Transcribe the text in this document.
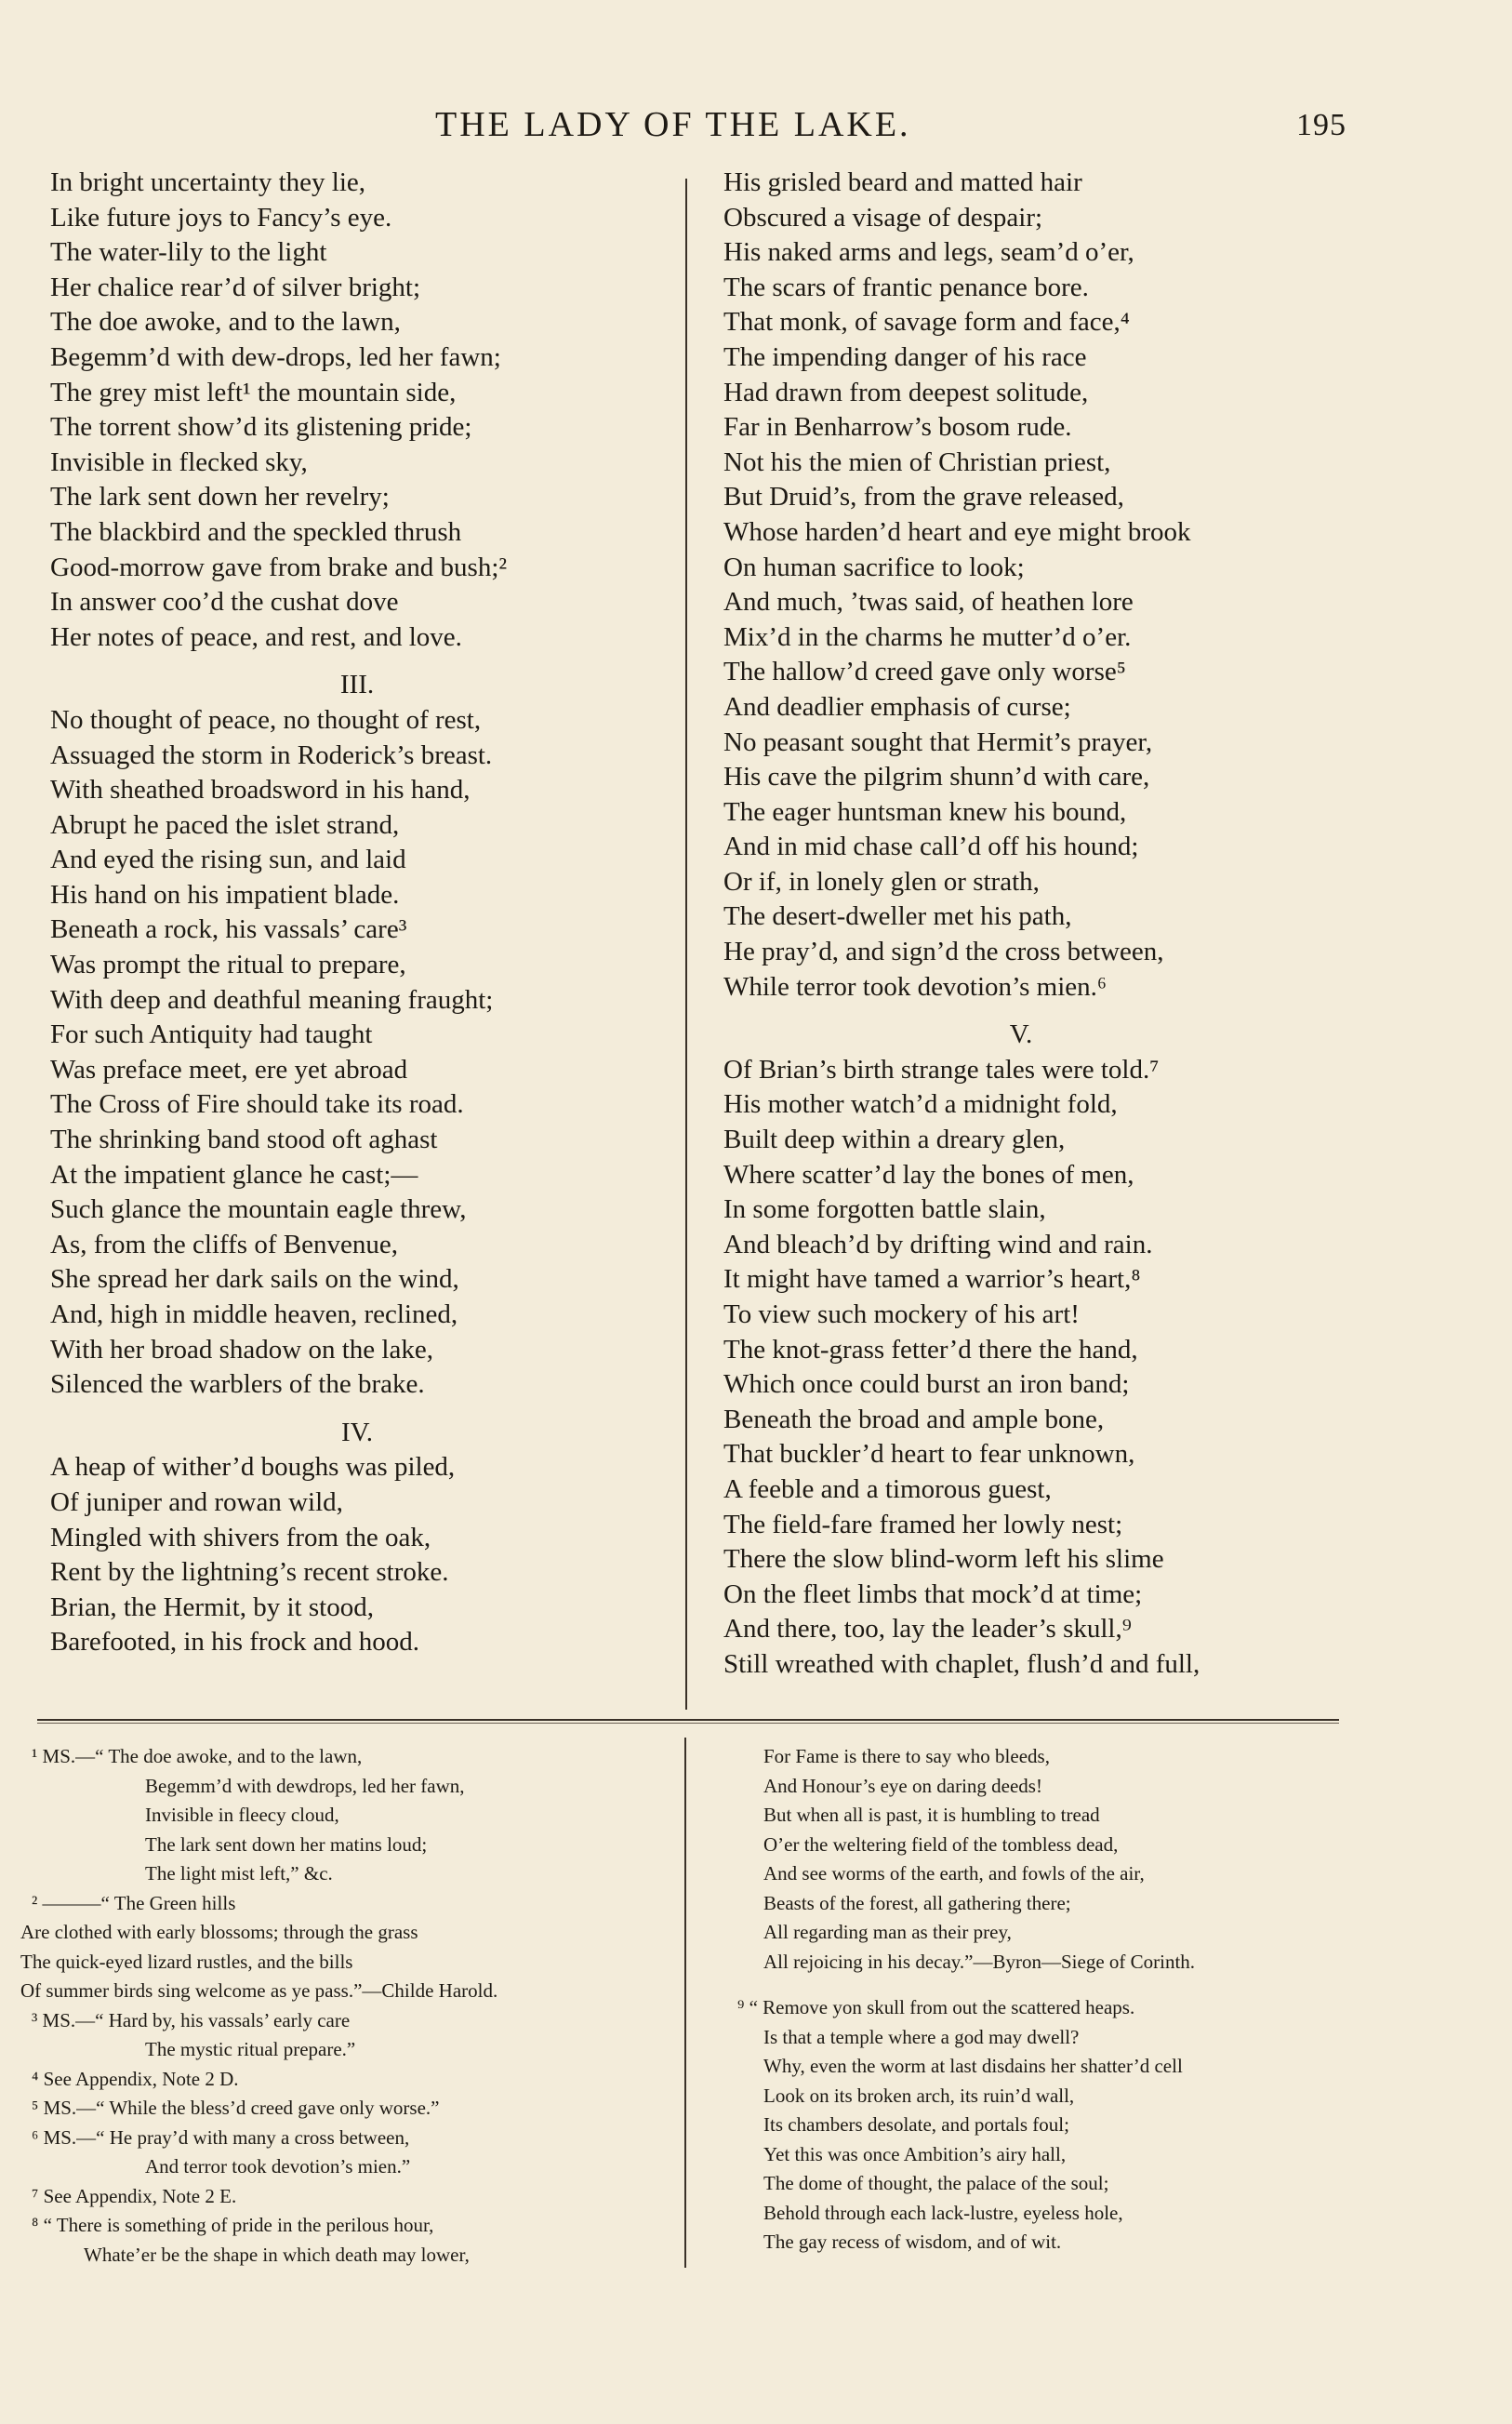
THE LADY OF THE LAKE.	195
In bright uncertainty they lie,
Like future joys to Fancy’s eye.
The water-lily to the light
Her chalice rear’d of silver bright;
The doe awoke, and to the lawn,
Begemm’d with dew-drops, led her fawn;
The grey mist left¹ the mountain side,
The torrent show’d its glistening pride;
Invisible in flecked sky,
The lark sent down her revelry;
The blackbird and the speckled thrush
Good-morrow gave from brake and bush;²
In answer coo’d the cushat dove
Her notes of peace, and rest, and love.
III.
No thought of peace, no thought of rest,
Assuaged the storm in Roderick’s breast.
With sheathed broadsword in his hand,
Abrupt he paced the islet strand,
And eyed the rising sun, and laid
His hand on his impatient blade.
Beneath a rock, his vassals’ care³
Was prompt the ritual to prepare,
With deep and deathful meaning fraught;
For such Antiquity had taught
Was preface meet, ere yet abroad
The Cross of Fire should take its road.
The shrinking band stood oft aghast
At the impatient glance he cast;—
Such glance the mountain eagle threw,
As, from the cliffs of Benvenue,
She spread her dark sails on the wind,
And, high in middle heaven, reclined,
With her broad shadow on the lake,
Silenced the warblers of the brake.
IV.
A heap of wither’d boughs was piled,
Of juniper and rowan wild,
Mingled with shivers from the oak,
Rent by the lightning’s recent stroke.
Brian, the Hermit, by it stood,
Barefooted, in his frock and hood.
His grisled beard and matted hair
Obscured a visage of despair;
His naked arms and legs, seam’d o’er,
The scars of frantic penance bore.
That monk, of savage form and face,⁴
The impending danger of his race
Had drawn from deepest solitude,
Far in Benharrow’s bosom rude.
Not his the mien of Christian priest,
But Druid’s, from the grave released,
Whose harden’d heart and eye might brook
On human sacrifice to look;
And much, ’twas said, of heathen lore
Mix’d in the charms he mutter’d o’er.
The hallow’d creed gave only worse⁵
And deadlier emphasis of curse;
No peasant sought that Hermit’s prayer,
His cave the pilgrim shunn’d with care,
The eager huntsman knew his bound,
And in mid chase call’d off his hound;
Or if, in lonely glen or strath,
The desert-dweller met his path,
He pray’d, and sign’d the cross between,
While terror took devotion’s mien.⁶
V.
Of Brian’s birth strange tales were told.⁷
His mother watch’d a midnight fold,
Built deep within a dreary glen,
Where scatter’d lay the bones of men,
In some forgotten battle slain,
And bleach’d by drifting wind and rain.
It might have tamed a warrior’s heart,⁸
To view such mockery of his art!
The knot-grass fetter’d there the hand,
Which once could burst an iron band;
Beneath the broad and ample bone,
That buckler’d heart to fear unknown,
A feeble and a timorous guest,
The field-fare framed her lowly nest;
There the slow blind-worm left his slime
On the fleet limbs that mock’d at time;
And there, too, lay the leader’s skull,⁹
Still wreathed with chaplet, flush’d and full,
¹ MS.—“ The doe awoke, and to the lawn,
Begemm’d with dewdrops, led her fawn,
Invisible in fleecy cloud,
The lark sent down her matins loud;
The light mist left,” &c.
² ———“ The Green hills
Are clothed with early blossoms; through the grass
The quick-eyed lizard rustles, and the bills
Of summer birds sing welcome as ye pass.”—Childe Harold.
³ MS.—“ Hard by, his vassals’ early care
The mystic ritual prepare.”
⁴ See Appendix, Note 2 D.
⁵ MS.—“ While the bless’d creed gave only worse.”
⁶ MS.—“ He pray’d with many a cross between,
And terror took devotion’s mien.”
⁷ See Appendix, Note 2 E.
⁸ “ There is something of pride in the perilous hour,
Whate’er be the shape in which death may lower,
For Fame is there to say who bleeds,
And Honour’s eye on daring deeds!
But when all is past, it is humbling to tread
O’er the weltering field of the tombless dead,
And see worms of the earth, and fowls of the air,
Beasts of the forest, all gathering there;
All regarding man as their prey,
All rejoicing in his decay.”—Byron—Siege of Corinth.
⁹ “ Remove yon skull from out the scattered heaps.
Is that a temple where a god may dwell?
Why, even the worm at last disdains her shatter’d cell
Look on its broken arch, its ruin’d wall,
Its chambers desolate, and portals foul;
Yet this was once Ambition’s airy hall,
The dome of thought, the palace of the soul;
Behold through each lack-lustre, eyeless hole,
The gay recess of wisdom, and of wit.
